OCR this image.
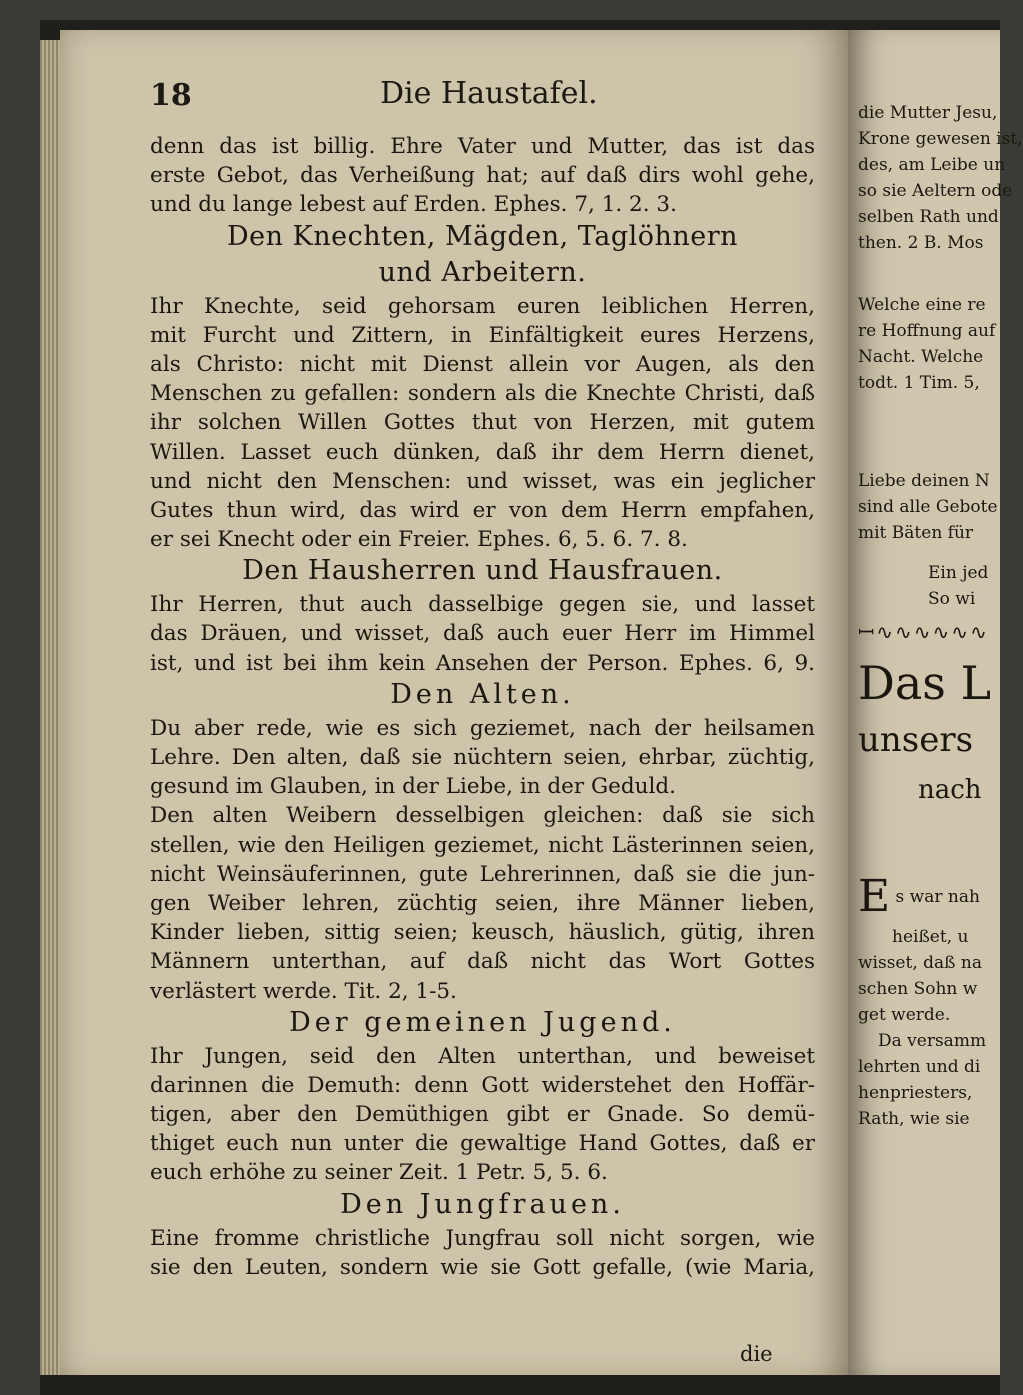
18	Die Haustafel.
denn das ist billig. Ehre Vater und Mutter, das ist das
erste Gebot, das Verheißung hat; auf daß dirs wohl gehe,
und du lange lebest auf Erden. Ephes. 7, 1. 2. 3.
Den Knechten, Mägden, Taglöhnern
und Arbeitern.
Ihr Knechte, seid gehorsam euren leiblichen Herren,
mit Furcht und Zittern, in Einfältigkeit eures Herzens,
als Christo: nicht mit Dienst allein vor Augen, als den
Menschen zu gefallen: sondern als die Knechte Christi, daß
ihr solchen Willen Gottes thut von Herzen, mit gutem
Willen. Lasset euch dünken, daß ihr dem Herrn dienet,
und nicht den Menschen: und wisset, was ein jeglicher
Gutes thun wird, das wird er von dem Herrn empfahen,
er sei Knecht oder ein Freier. Ephes. 6, 5. 6. 7. 8.
Den Hausherren und Hausfrauen.
Ihr Herren, thut auch dasselbige gegen sie, und lasset
das Dräuen, und wisset, daß auch euer Herr im Himmel
ist, und ist bei ihm kein Ansehen der Person. Ephes. 6, 9.
Den Alten.
Du aber rede, wie es sich geziemet, nach der heilsamen
Lehre. Den alten, daß sie nüchtern seien, ehrbar, züchtig,
gesund im Glauben, in der Liebe, in der Geduld.
Den alten Weibern desselbigen gleichen: daß sie sich
stellen, wie den Heiligen geziemet, nicht Lästerinnen seien,
nicht Weinsäuferinnen, gute Lehrerinnen, daß sie die jun-
gen Weiber lehren, züchtig seien, ihre Männer lieben,
Kinder lieben, sittig seien; keusch, häuslich, gütig, ihren
Männern unterthan, auf daß nicht das Wort Gottes
verlästert werde. Tit. 2, 1-5.
Der gemeinen Jugend.
Ihr Jungen, seid den Alten unterthan, und beweiset
darinnen die Demuth: denn Gott widerstehet den Hoffär-
tigen, aber den Demüthigen gibt er Gnade. So demü-
thiget euch nun unter die gewaltige Hand Gottes, daß er
euch erhöhe zu seiner Zeit. 1 Petr. 5, 5. 6.
Den Jungfrauen.
Eine fromme christliche Jungfrau soll nicht sorgen, wie
sie den Leuten, sondern wie sie Gott gefalle, (wie Maria,
die
die Mutter Jesu,
Krone gewesen ist,
des, am Leibe un
so sie Aeltern ode
selben Rath und
then. 2 B. Mos
Welche eine re
re Hoffnung auf
Nacht. Welche
todt. 1 Tim. 5,
Liebe deinen N
sind alle Gebote
mit Bäten für
Ein jed
So wi
ꟷ∿∿∿∿∿∿
Das L
unsers
nach
E s war nah
heißet, u
wisset, daß na
schen Sohn w
get werde.
Da versamm
lehrten und di
henpriesters,
Rath, wie sie
